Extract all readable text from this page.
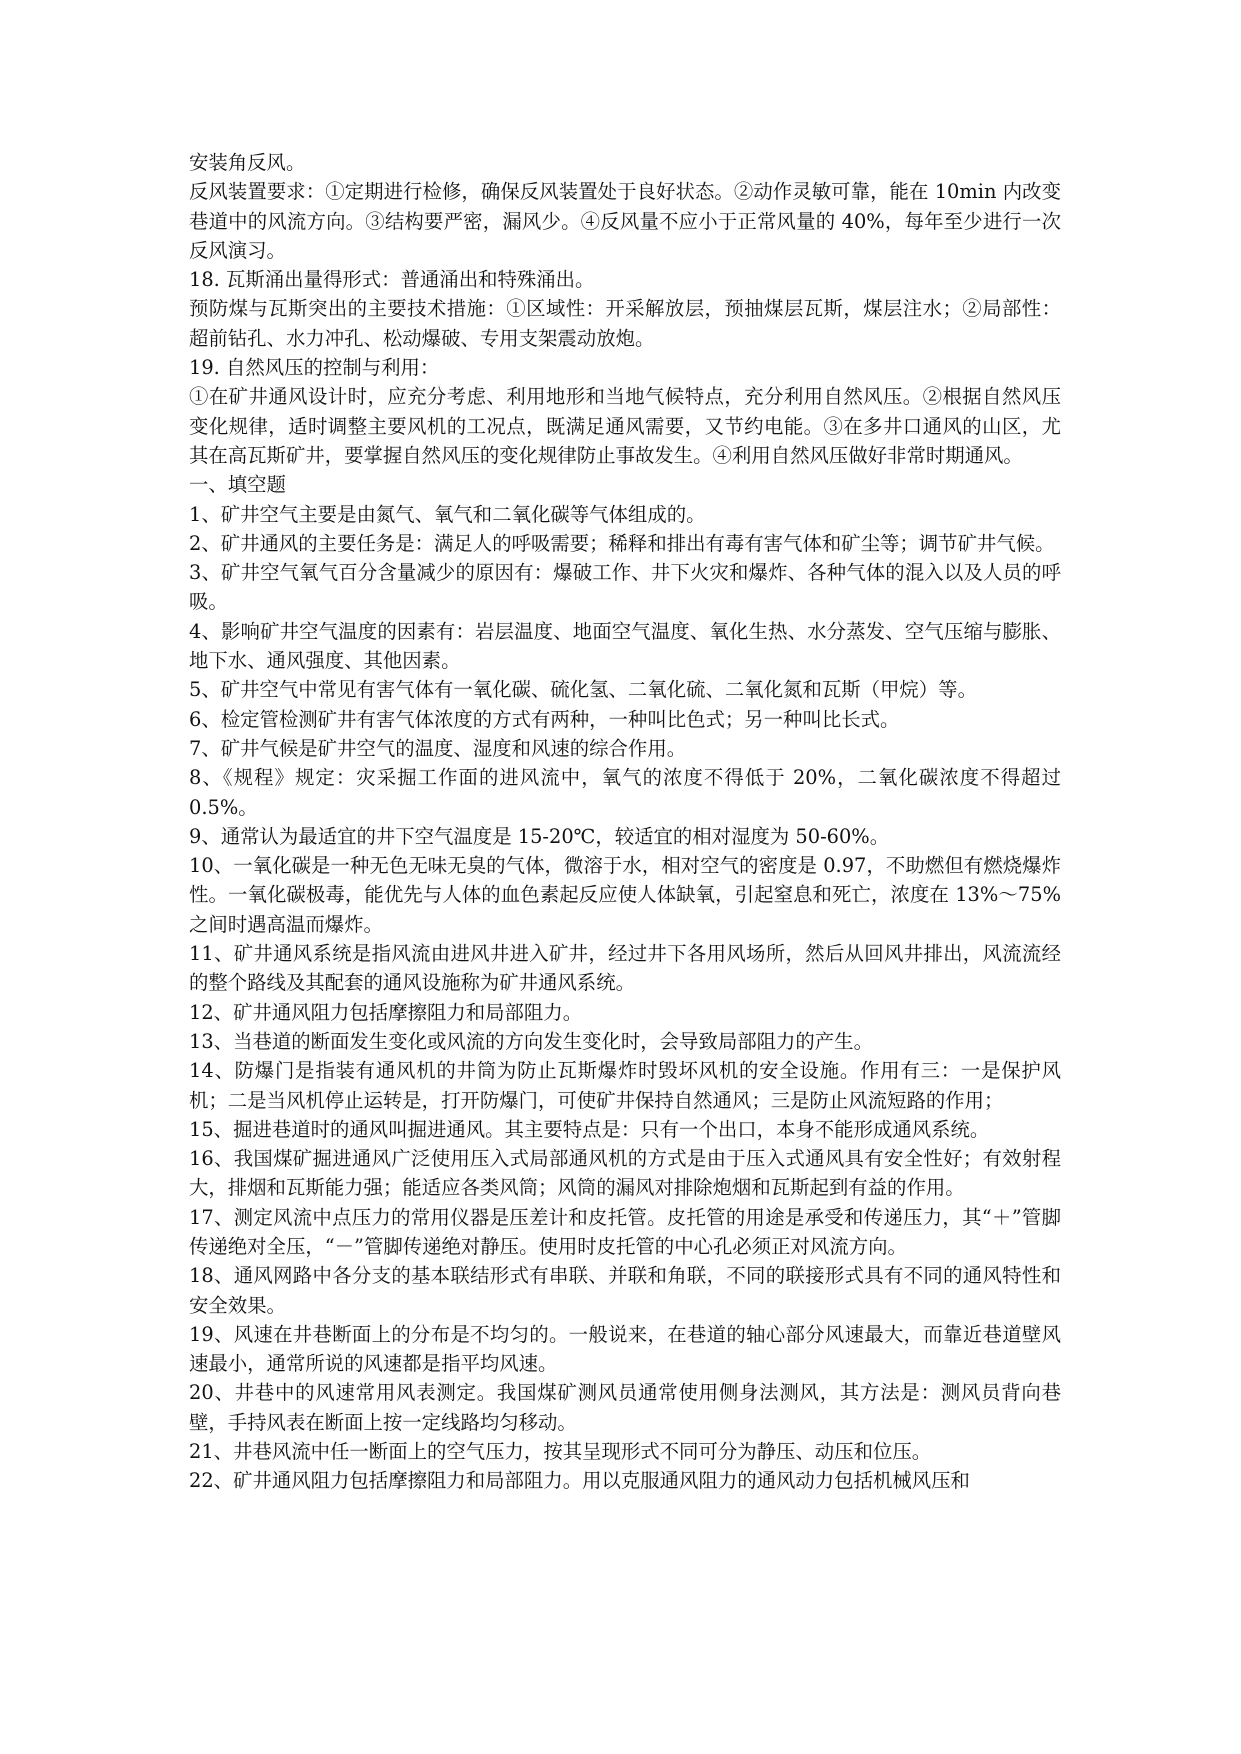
安装角反风。

反风装置要求：①定期进行检修，确保反风装置处于良好状态。②动作灵敏可靠，能在 10min 内改变巷道中的风流方向。③结构要严密，漏风少。④反风量不应小于正常风量的 40%，每年至少进行一次反风演习。

18. 瓦斯涌出量得形式：普通涌出和特殊涌出。

预防煤与瓦斯突出的主要技术措施：①区域性：开采解放层，预抽煤层瓦斯，煤层注水；②局部性：超前钻孔、水力冲孔、松动爆破、专用支架震动放炮。

19. 自然风压的控制与利用：

①在矿井通风设计时，应充分考虑、利用地形和当地气候特点，充分利用自然风压。②根据自然风压变化规律，适时调整主要风机的工况点，既满足通风需要，又节约电能。③在多井口通风的山区，尤其在高瓦斯矿井，要掌握自然风压的变化规律防止事故发生。④利用自然风压做好非常时期通风。

一、填空题

1、矿井空气主要是由氮气、氧气和二氧化碳等气体组成的。

2、矿井通风的主要任务是：满足人的呼吸需要；稀释和排出有毒有害气体和矿尘等；调节矿井气候。

3、矿井空气氧气百分含量减少的原因有：爆破工作、井下火灾和爆炸、各种气体的混入以及人员的呼吸。

4、影响矿井空气温度的因素有：岩层温度、地面空气温度、氧化生热、水分蒸发、空气压缩与膨胀、地下水、通风强度、其他因素。

5、矿井空气中常见有害气体有一氧化碳、硫化氢、二氧化硫、二氧化氮和瓦斯（甲烷）等。

6、检定管检测矿井有害气体浓度的方式有两种，一种叫比色式；另一种叫比长式。

7、矿井气候是矿井空气的温度、湿度和风速的综合作用。

8、《规程》规定：灾采掘工作面的进风流中，氧气的浓度不得低于 20%，二氧化碳浓度不得超过 0.5%。

9、通常认为最适宜的井下空气温度是 15-20℃，较适宜的相对湿度为 50-60%。

10、一氧化碳是一种无色无味无臭的气体，微溶于水，相对空气的密度是 0.97，不助燃但有燃烧爆炸性。一氧化碳极毒，能优先与人体的血色素起反应使人体缺氧，引起窒息和死亡，浓度在 13%～75%之间时遇高温而爆炸。

11、矿井通风系统是指风流由进风井进入矿井，经过井下各用风场所，然后从回风井排出，风流流经的整个路线及其配套的通风设施称为矿井通风系统。

12、矿井通风阻力包括摩擦阻力和局部阻力。

13、当巷道的断面发生变化或风流的方向发生变化时，会导致局部阻力的产生。

14、防爆门是指装有通风机的井筒为防止瓦斯爆炸时毁坏风机的安全设施。作用有三：一是保护风机；二是当风机停止运转是，打开防爆门，可使矿井保持自然通风；三是防止风流短路的作用；

15、掘进巷道时的通风叫掘进通风。其主要特点是：只有一个出口，本身不能形成通风系统。

16、我国煤矿掘进通风广泛使用压入式局部通风机的方式是由于压入式通风具有安全性好；有效射程大，排烟和瓦斯能力强；能适应各类风筒；风筒的漏风对排除炮烟和瓦斯起到有益的作用。

17、测定风流中点压力的常用仪器是压差计和皮托管。皮托管的用途是承受和传递压力，其“＋”管脚传递绝对全压，“－”管脚传递绝对静压。使用时皮托管的中心孔必须正对风流方向。

18、通风网路中各分支的基本联结形式有串联、并联和角联，不同的联接形式具有不同的通风特性和安全效果。

19、风速在井巷断面上的分布是不均匀的。一般说来，在巷道的轴心部分风速最大，而靠近巷道壁风速最小，通常所说的风速都是指平均风速。

20、井巷中的风速常用风表测定。我国煤矿测风员通常使用侧身法测风，其方法是：测风员背向巷壁，手持风表在断面上按一定线路均匀移动。

21、井巷风流中任一断面上的空气压力，按其呈现形式不同可分为静压、动压和位压。

22、矿井通风阻力包括摩擦阻力和局部阻力。用以克服通风阻力的通风动力包括机械风压和
